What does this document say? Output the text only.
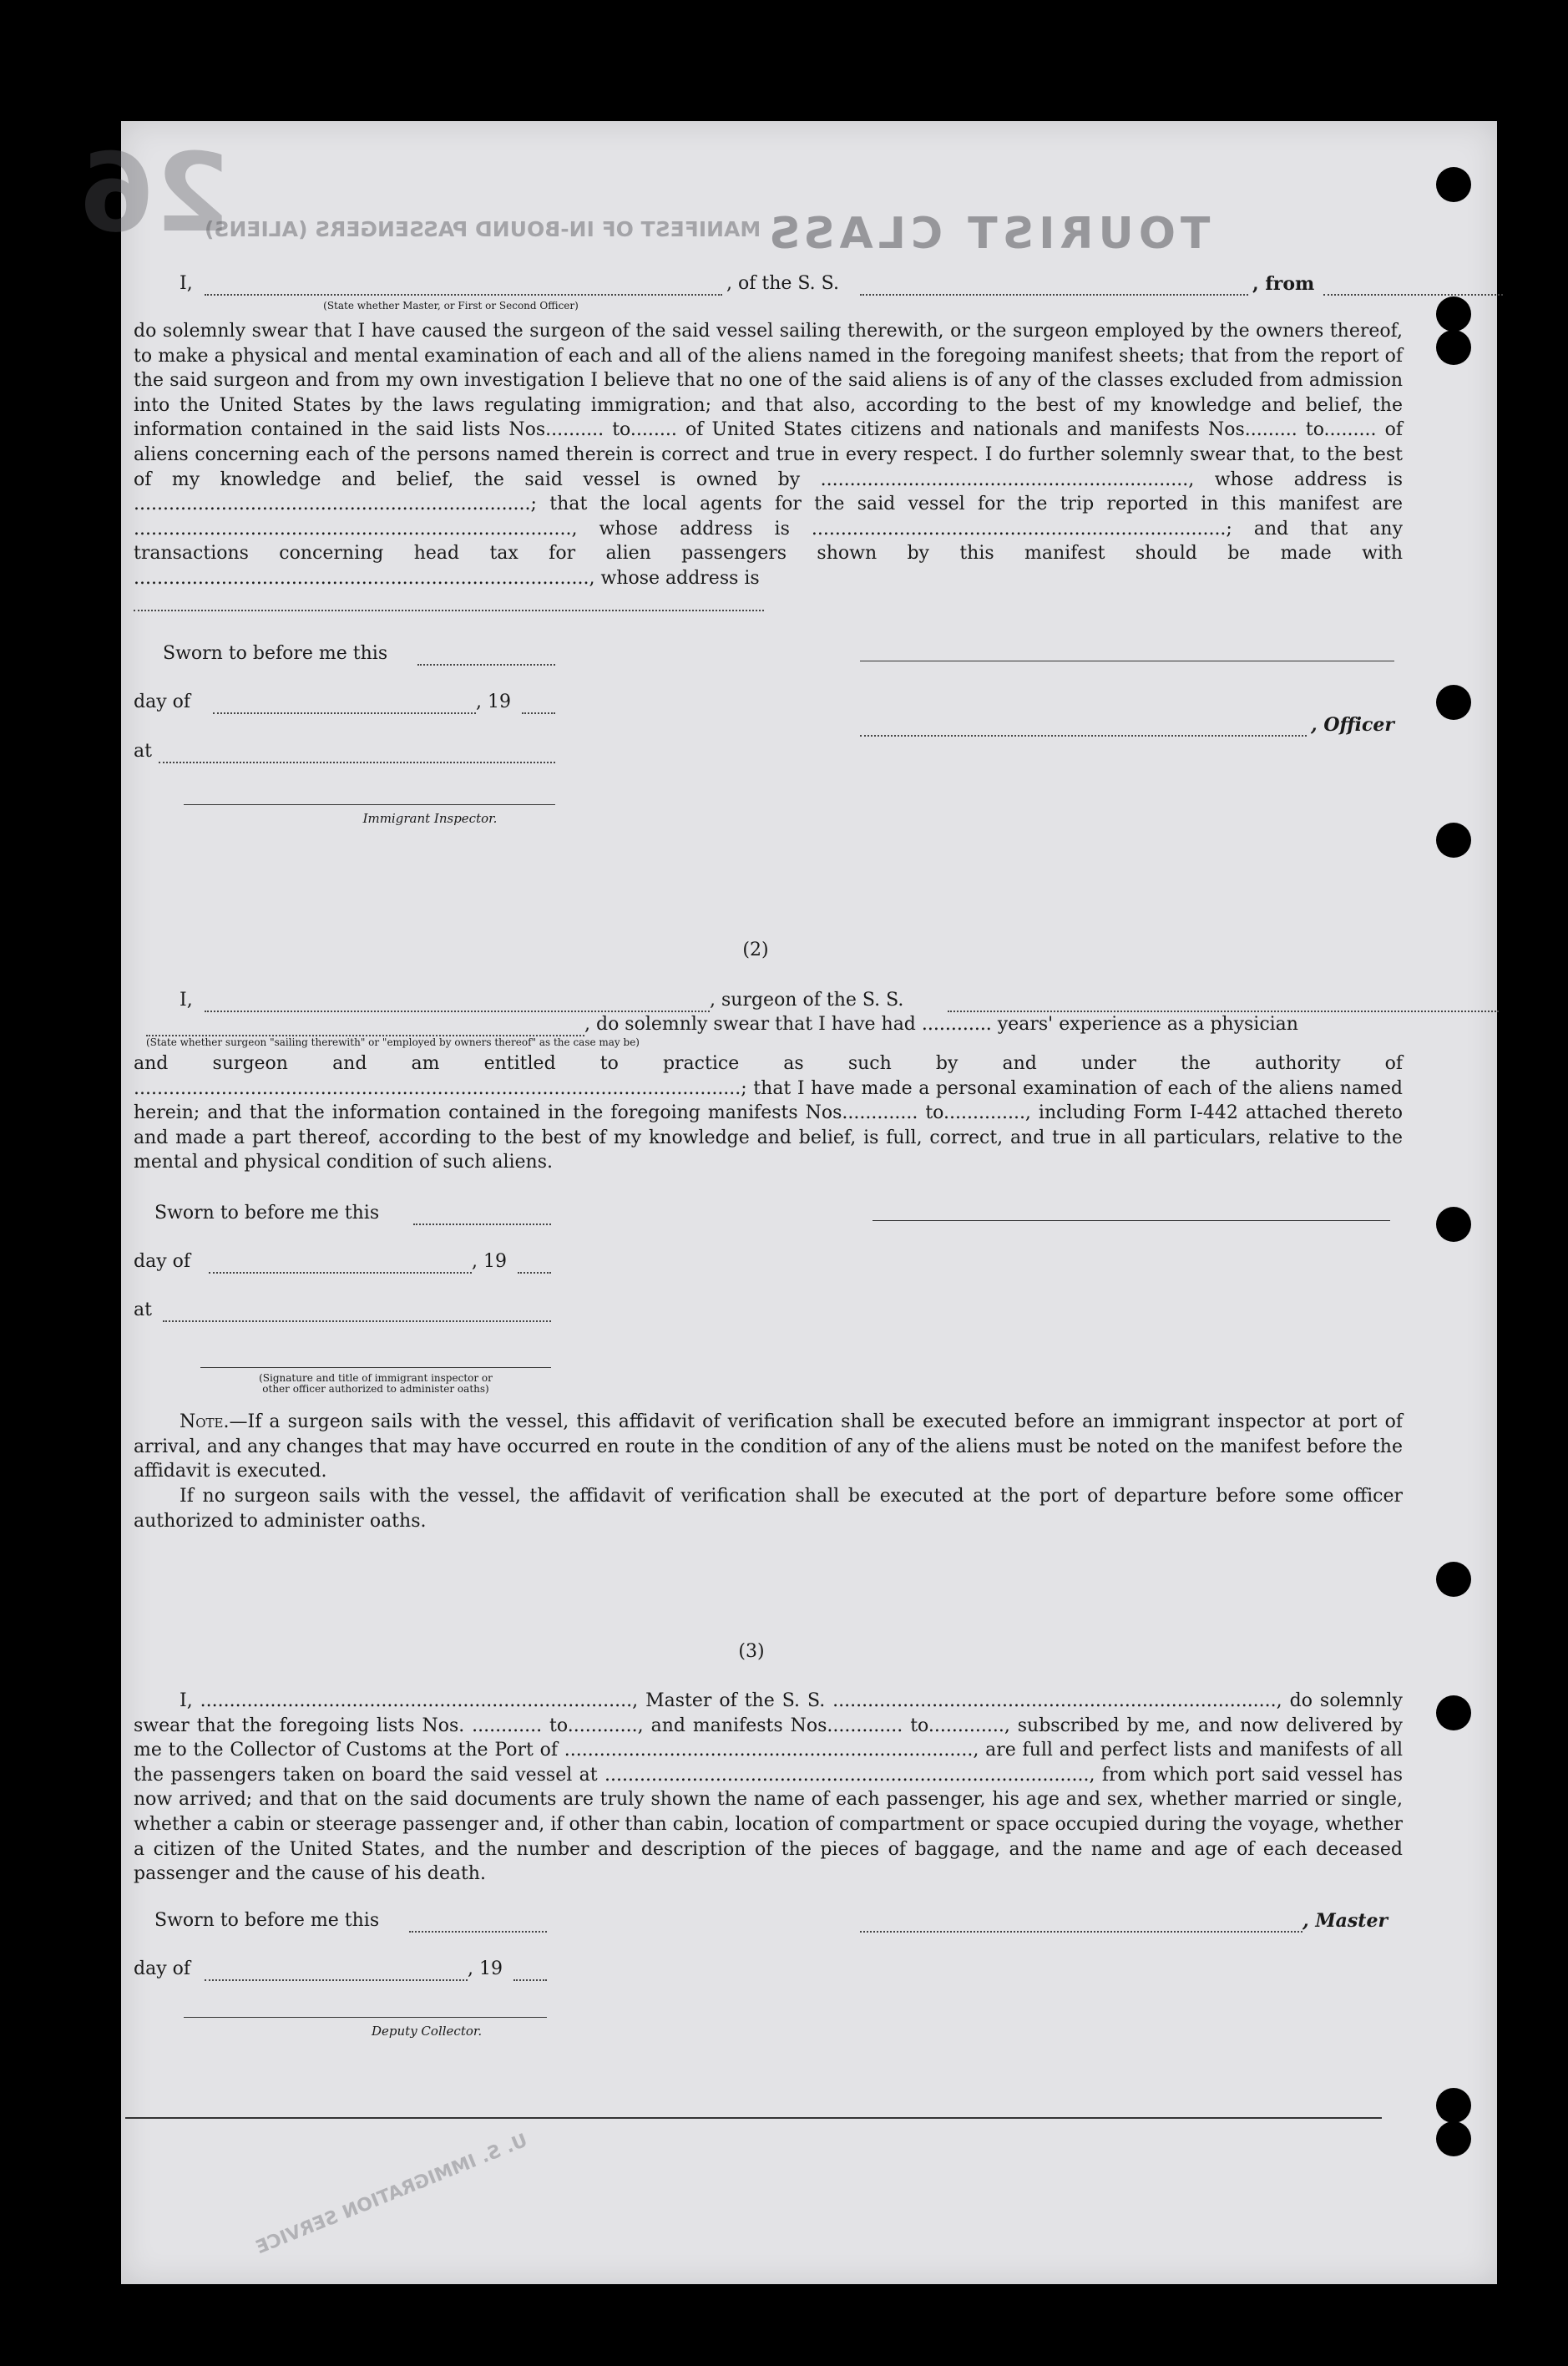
26
MANIFEST OF IN-BOUND PASSENGERS (ALIENS) TOURIST CLASS
I,	, of the S. S.	, from
(State whether Master, or First or Second Officer)
do solemnly swear that I have caused the surgeon of the said vessel sailing therewith, or the surgeon employed by the owners thereof, to make a physical and mental examination of each and all of the aliens named in the foregoing manifest sheets; that from the report of the said surgeon and from my own investigation I believe that no one of the said aliens is of any of the classes excluded from admission into the United States by the laws regulating immigration; and that also, according to the best of my knowledge and belief, the information contained in the said lists Nos.......... to........ of United States citizens and nationals and manifests Nos......... to......... of aliens concerning each of the persons named therein is correct and true in every respect. I do further solemnly swear that, to the best of my knowledge and belief, the said vessel is owned by ..............................................................., whose address is ....................................................................; that the local agents for the said vessel for the trip reported in this manifest are ..........................................................................., whose address is .......................................................................; and that any transactions concerning head tax for alien passengers shown by this manifest should be made with .............................................................................., whose address is
Sworn to before me this
day of	, 19
, Officer
at
Immigrant Inspector.
(2)
I,	, surgeon of the S. S.
, do solemnly swear that I have had ............ years' experience as a physician
(State whether surgeon "sailing therewith" or "employed by owners thereof" as the case may be)
and surgeon and am entitled to practice as such by and under the authority of ........................................................................................................; that I have made a personal examination of each of the aliens named herein; and that the information contained in the foregoing manifests Nos............. to.............., including Form I-442 attached thereto and made a part thereof, according to the best of my knowledge and belief, is full, correct, and true in all particulars, relative to the mental and physical condition of such aliens.
Sworn to before me this
day of	, 19
at
(Signature and title of immigrant inspector or
other officer authorized to administer oaths)
Note.—If a surgeon sails with the vessel, this affidavit of verification shall be executed before an immigrant inspector at port of arrival, and any changes that may have occurred en route in the condition of any of the aliens must be noted on the manifest before the affidavit is executed.
If no surgeon sails with the vessel, the affidavit of verification shall be executed at the port of departure before some officer authorized to administer oaths.
(3)
I, .........................................................................., Master of the S. S. ............................................................................, do solemnly swear that the foregoing lists Nos. ............ to............, and manifests Nos............. to............., subscribed by me, and now delivered by me to the Collector of Customs at the Port of ......................................................................, are full and perfect lists and manifests of all the passengers taken on board the said vessel at ..................................................................................., from which port said vessel has now arrived; and that on the said documents are truly shown the name of each passenger, his age and sex, whether married or single, whether a cabin or steerage passenger and, if other than cabin, location of compartment or space occupied during the voyage, whether a citizen of the United States, and the number and description of the pieces of baggage, and the name and age of each deceased passenger and the cause of his death.
Sworn to before me this	, Master
day of	, 19
Deputy Collector.
U. S. IMMIGRATION SERVICE
